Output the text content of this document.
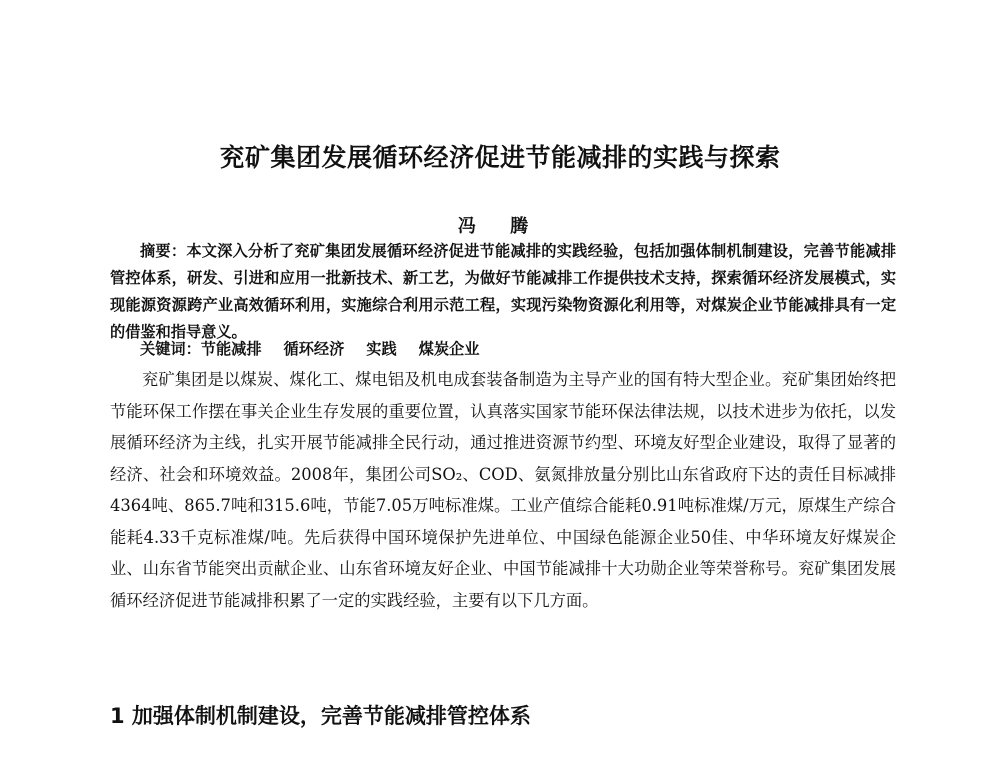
兖矿集团发展循环经济促进节能减排的实践与探索
冯 腾
摘要：本文深入分析了兖矿集团发展循环经济促进节能减排的实践经验，包括加强体制机制建设，完善节能减排管控体系，研发、引进和应用一批新技术、新工艺，为做好节能减排工作提供技术支持，探索循环经济发展模式，实现能源资源跨产业高效循环利用，实施综合利用示范工程，实现污染物资源化利用等，对煤炭企业节能减排具有一定的借鉴和指导意义。
关键词：节能减排 循环经济 实践 煤炭企业
兖矿集团是以煤炭、煤化工、煤电铝及机电成套装备制造为主导产业的国有特大型企业。兖矿集团始终把节能环保工作摆在事关企业生存发展的重要位置，认真落实国家节能环保法律法规，以技术进步为依托，以发展循环经济为主线，扎实开展节能减排全民行动，通过推进资源节约型、环境友好型企业建设，取得了显著的经济、社会和环境效益。2008年，集团公司SO₂、COD、氨氮排放量分别比山东省政府下达的责任目标减排4364吨、865.7吨和315.6吨，节能7.05万吨标准煤。工业产值综合能耗0.91吨标准煤/万元，原煤生产综合能耗4.33千克标准煤/吨。先后获得中国环境保护先进单位、中国绿色能源企业50佳、中华环境友好煤炭企业、山东省节能突出贡献企业、山东省环境友好企业、中国节能减排十大功勋企业等荣誉称号。兖矿集团发展循环经济促进节能减排积累了一定的实践经验，主要有以下几方面。
1 加强体制机制建设，完善节能减排管控体系
